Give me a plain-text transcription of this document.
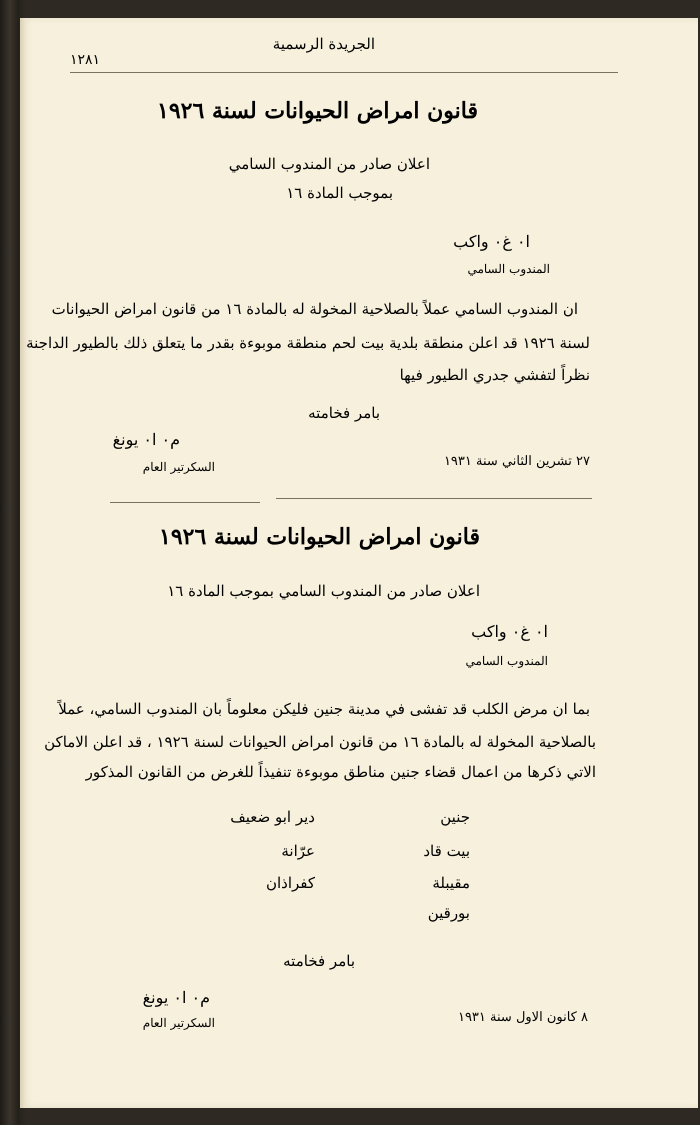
الجريدة الرسمية
١٢٨١
قانون امراض الحيوانات لسنة ١٩٢٦
اعلان صادر من المندوب السامي
بموجب المادة ١٦
ا٠ غ٠ واكب
المندوب السامي
ان المندوب السامي عملاً بالصلاحية المخولة له بالمادة ١٦ من قانون امراض الحيوانات
لسنة ١٩٢٦ قد اعلن منطقة بلدية بيت لحم منطقة موبوءة بقدر ما يتعلق ذلك بالطيور الداجنة
نظراً لتفشي جدري الطيور فيها
بامر فخامته
م٠ ا٠ يونغ
السكرتير العام	٢٧ تشرين الثاني سنة ١٩٣١
قانون امراض الحيوانات لسنة ١٩٢٦
اعلان صادر من المندوب السامي بموجب المادة ١٦
ا٠ غ٠ واكب
المندوب السامي
بما ان مرض الكلب قد تفشى في مدينة جنين فليكن معلوماً بان المندوب السامي، عملاً
بالصلاحية المخولة له بالمادة ١٦ من قانون امراض الحيوانات لسنة ١٩٢٦ ، قد اعلن الاماكن
الاتي ذكرها من اعمال قضاء جنين مناطق موبوءة تنفيذاً للغرض من القانون المذكور
جنين
بيت قاد
مقيبلة
بورقين
دير ابو ضعيف
عرّانة
كفراذان
بامر فخامته
م٠ ا٠ يونغ
السكرتير العام	٨ كانون الاول سنة ١٩٣١
